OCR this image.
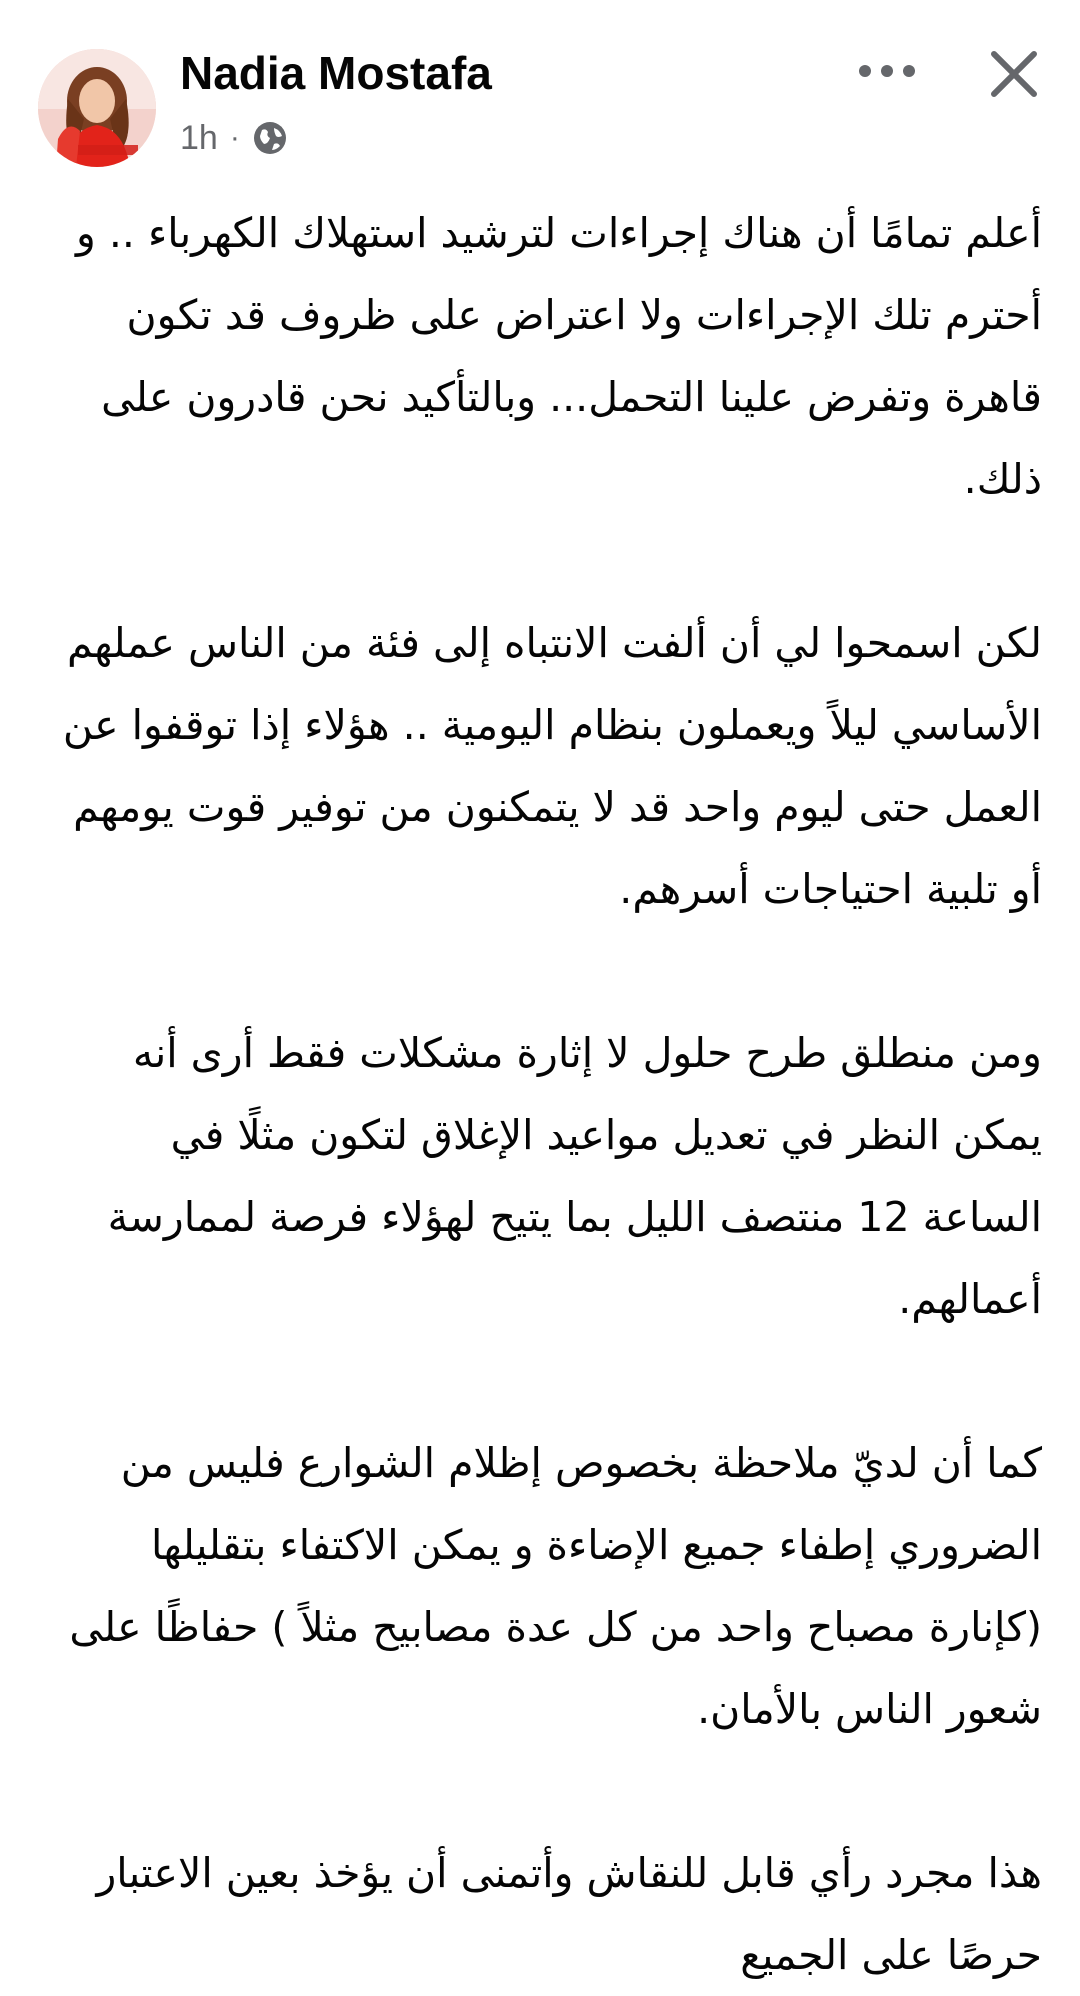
Nadia Mostafa
1h ·

أعلم تمامًا أن هناك إجراءات لترشيد استهلاك الكهرباء .. و أحترم تلك الإجراءات ولا اعتراض على ظروف قد تكون قاهرة وتفرض علينا التحمل... وبالتأكيد نحن قادرون على ذلك.

لكن اسمحوا لي أن ألفت الانتباه إلى فئة من الناس عملهم الأساسي ليلاً ويعملون بنظام اليومية .. هؤلاء إذا توقفوا عن العمل حتى ليوم واحد قد لا يتمكنون من توفير قوت يومهم أو تلبية احتياجات أسرهم.

ومن منطلق طرح حلول لا إثارة مشكلات فقط أرى أنه يمكن النظر في تعديل مواعيد الإغلاق لتكون مثلًا في الساعة 12 منتصف الليل بما يتيح لهؤلاء فرصة لممارسة أعمالهم.

كما أن لديّ ملاحظة بخصوص إظلام الشوارع فليس من الضروري إطفاء جميع الإضاءة و يمكن الاكتفاء بتقليلها (كإنارة مصباح واحد من كل عدة مصابيح مثلاً ) حفاظًا على شعور الناس بالأمان.

هذا مجرد رأي قابل للنقاش وأتمنى أن يؤخذ بعين الاعتبار حرصًا على الجميع
